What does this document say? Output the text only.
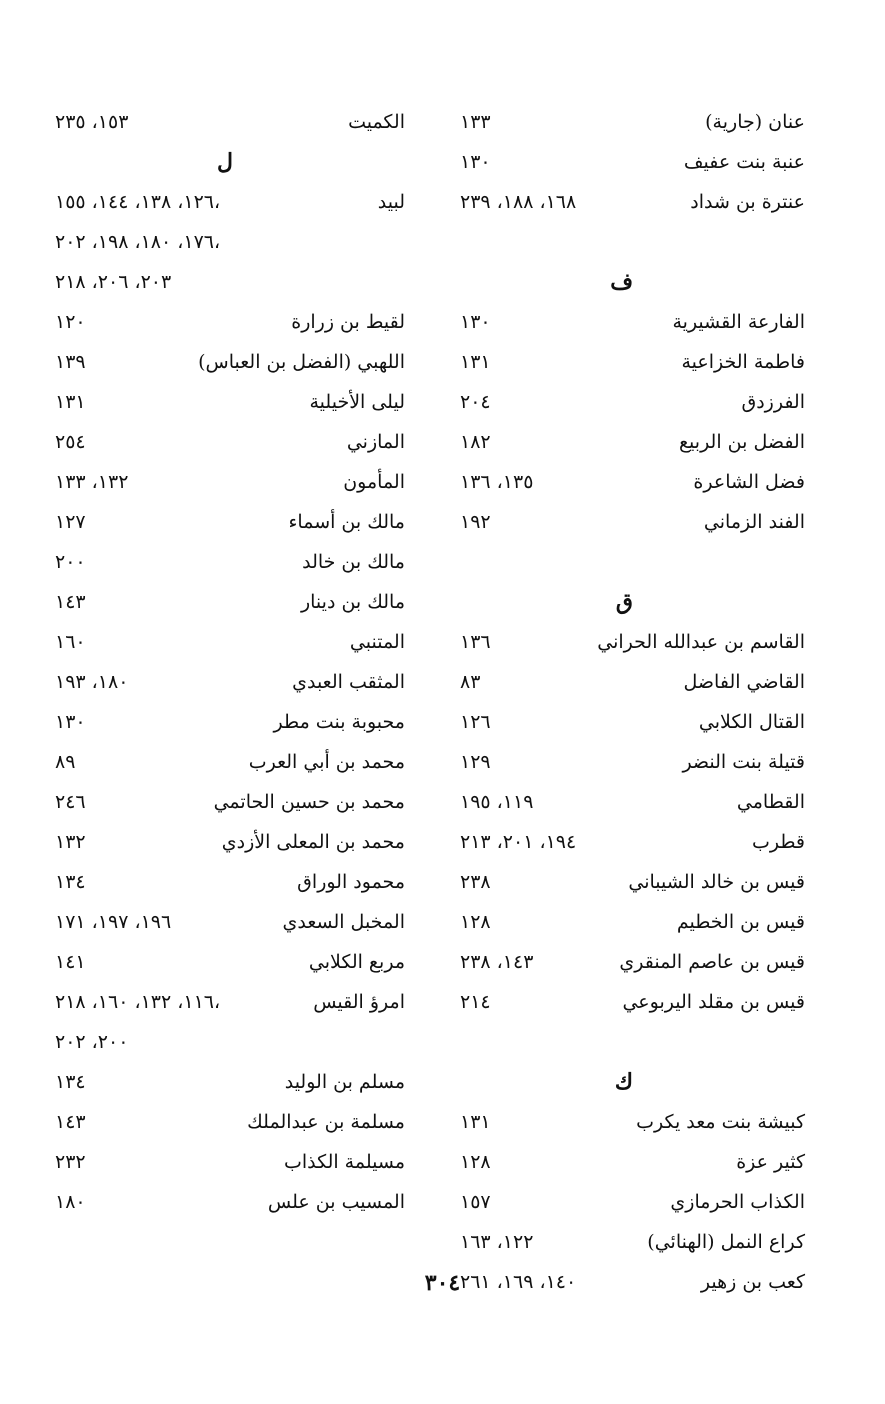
عنان (جارية)
١٣٣
عنبة بنت عفيف
١٣٠
عنترة بن شداد
١٦٨، ١٨٨، ٢٣٩
ف
الفارعة القشيرية
١٣٠
فاطمة الخزاعية
١٣١
الفرزدق
٢٠٤
الفضل بن الربيع
١٨٢
فضل الشاعرة
١٣٥، ١٣٦
الفند الزماني
١٩٢
ق
القاسم بن عبدالله الحراني
١٣٦
القاضي الفاضل
٨٣
القتال الكلابي
١٢٦
قتيلة بنت النضر
١٢٩
القطامي
١١٩، ١٩٥
قطرب
١٩٤، ٢٠١، ٢١٣
قيس بن خالد الشيباني
٢٣٨
قيس بن الخطيم
١٢٨
قيس بن عاصم المنقري
١٤٣، ٢٣٨
قيس بن مقلد اليربوعي
٢١٤
ك
كبيشة بنت معد يكرب
١٣١
كثير عزة
١٢٨
الكذاب الحرمازي
١٥٧
كراع النمل (الهنائي)
١٢٢، ١٦٣
كعب بن زهير
١٤٠، ١٦٩، ٢٦١
الكميت
١٥٣، ٢٣٥
ل
لبيد
١٢٦، ١٣٨، ١٤٤، ١٥٥،
١٧٦، ١٨٠، ١٩٨، ٢٠٢،
٢٠٣، ٢٠٦، ٢١٨
لقيط بن زرارة
١٢٠
اللهبي (الفضل بن العباس)
١٣٩
ليلى الأخيلية
١٣١
المازني
٢٥٤
المأمون
١٣٢، ١٣٣
مالك بن أسماء
١٢٧
مالك بن خالد
٢٠٠
مالك بن دينار
١٤٣
المتنبي
١٦٠
المثقب العبدي
١٨٠، ١٩٣
محبوبة بنت مطر
١٣٠
محمد بن أبي العرب
٨٩
محمد بن حسين الحاتمي
٢٤٦
محمد بن المعلى الأزدي
١٣٢
محمود الوراق
١٣٤
المخبل السعدي
١٩٦، ١٩٧، ١٧١
مربع الكلابي
١٤١
امرؤ القيس
١١٦، ١٣٢، ١٦٠، ٢١٨،
٢٠٠، ٢٠٢
مسلم بن الوليد
١٣٤
مسلمة بن عبدالملك
١٤٣
مسيلمة الكذاب
٢٣٢
المسيب بن علس
١٨٠
٣٠٤
